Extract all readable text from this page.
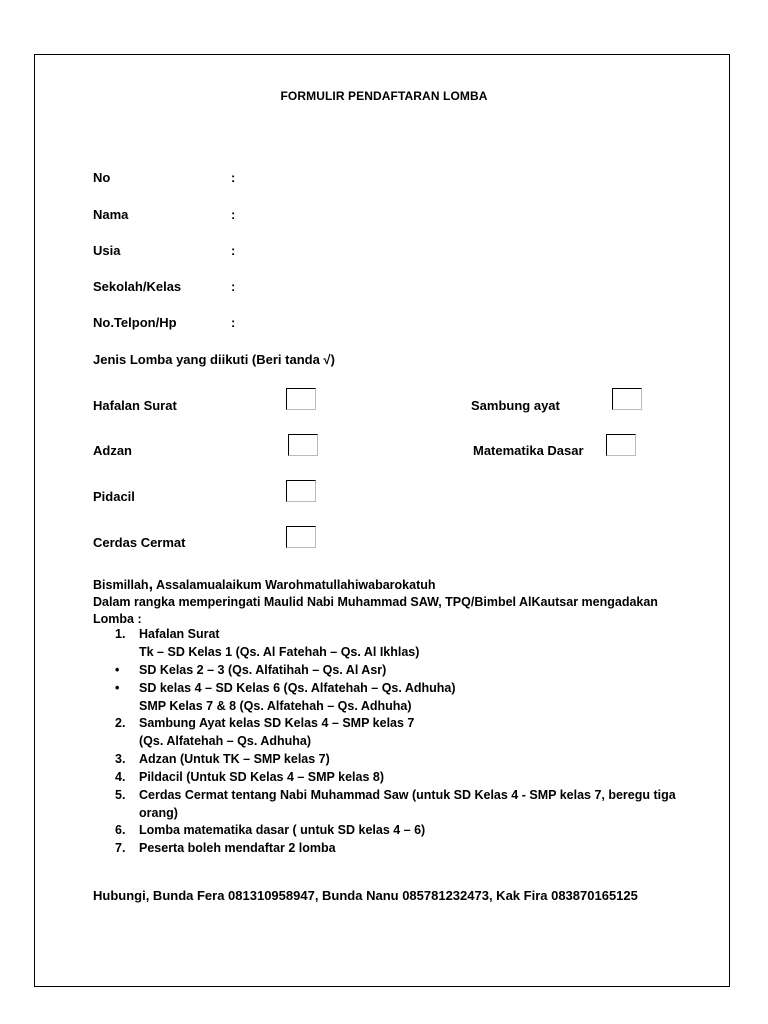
FORMULIR PENDAFTARAN LOMBA
No	:
Nama	:
Usia	:
Sekolah/Kelas	:
No.Telpon/Hp	:
Jenis Lomba yang diikuti (Beri tanda √)
Hafalan Surat	Sambung ayat
Adzan	Matematika Dasar
Pidacil
Cerdas Cermat
Bismillah, Assalamualaikum Warohmatullahiwabarokatuh
Dalam rangka memperingati Maulid Nabi Muhammad SAW, TPQ/Bimbel AlKautsar mengadakan
Lomba :
1. Hafalan Surat
Tk – SD Kelas 1 (Qs. Al Fatehah – Qs. Al Ikhlas)
• SD Kelas 2 – 3 (Qs. Alfatihah – Qs. Al Asr)
• SD kelas 4 – SD Kelas 6 (Qs. Alfatehah – Qs. Adhuha)
SMP Kelas 7 & 8 (Qs. Alfatehah – Qs. Adhuha)
2. Sambung Ayat kelas SD Kelas 4 – SMP kelas 7
(Qs. Alfatehah – Qs. Adhuha)
3. Adzan (Untuk TK – SMP kelas 7)
4. Pildacil (Untuk SD Kelas 4 – SMP kelas 8)
5. Cerdas Cermat tentang Nabi Muhammad Saw (untuk SD Kelas 4 - SMP kelas 7, beregu tiga
orang)
6. Lomba matematika dasar ( untuk SD kelas 4 – 6)
7. Peserta boleh mendaftar 2 lomba
Hubungi, Bunda Fera 081310958947, Bunda Nanu 085781232473, Kak Fira 083870165125
